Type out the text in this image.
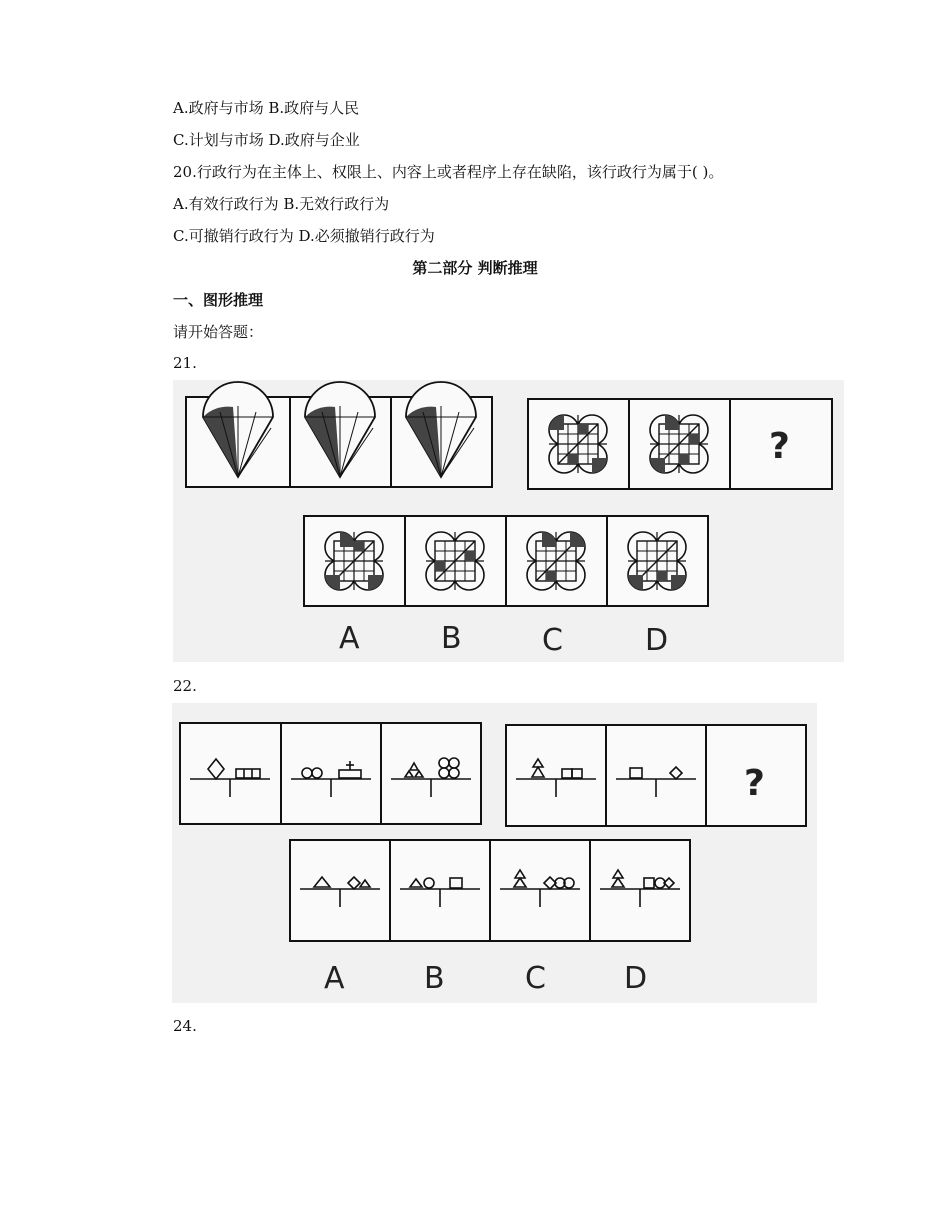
A.政府与市场 B.政府与人民
C.计划与市场 D.政府与企业
20.行政行为在主体上、权限上、内容上或者程序上存在缺陷，该行政行为属于( )。
A.有效行政行为 B.无效行政行为
C.可撤销行政行为 D.必须撤销行政行为
第二部分 判断推理
一、图形推理
请开始答题：
21.
?
A	B	C	D
22.
?
A	B	C	D
24.
